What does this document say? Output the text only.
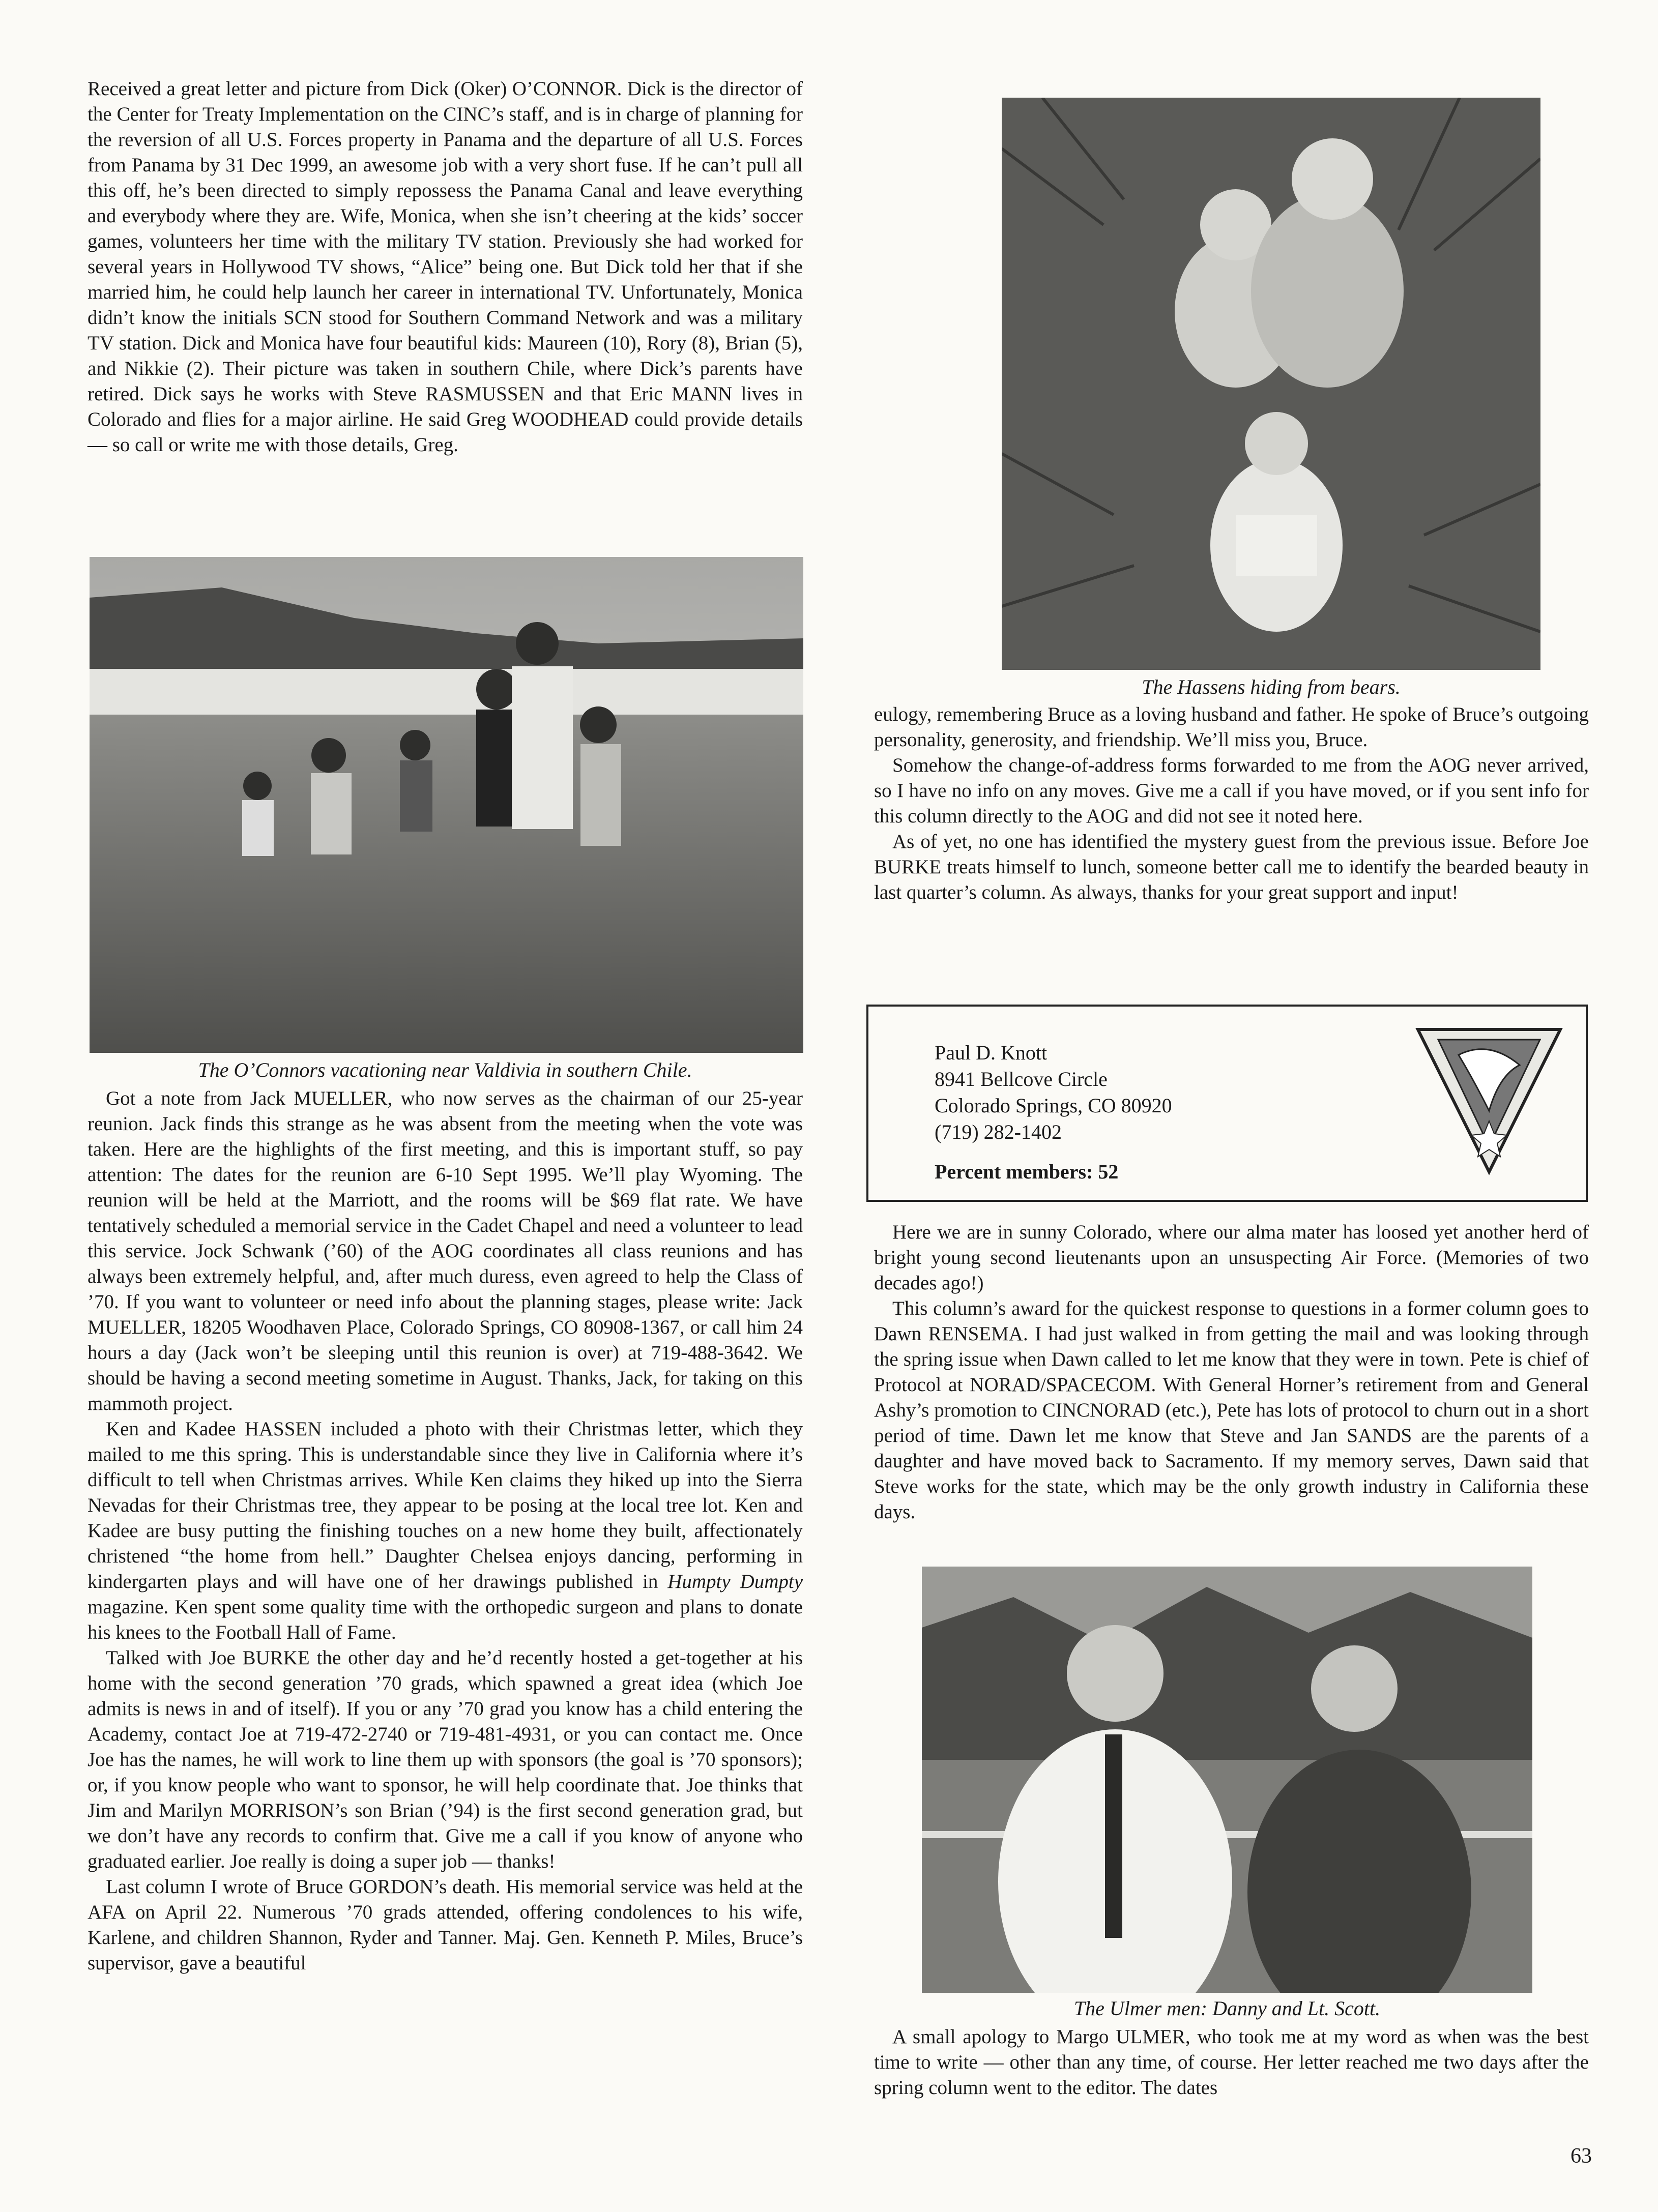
Received a great letter and picture from Dick (Oker) O’CONNOR. Dick is the director of the Center for Treaty Implementation on the CINC’s staff, and is in charge of planning for the reversion of all U.S. Forces property in Panama and the departure of all U.S. Forces from Panama by 31 Dec 1999, an awesome job with a very short fuse. If he can’t pull all this off, he’s been directed to simply repossess the Panama Canal and leave everything and everybody where they are. Wife, Monica, when she isn’t cheering at the kids’ soccer games, volunteers her time with the military TV station. Previously she had worked for several years in Hollywood TV shows, “Alice” being one. But Dick told her that if she married him, he could help launch her career in international TV. Unfortunately, Monica didn’t know the initials SCN stood for Southern Command Network and was a military TV station. Dick and Monica have four beautiful kids: Maureen (10), Rory (8), Brian (5), and Nikkie (2). Their picture was taken in southern Chile, where Dick’s parents have retired. Dick says he works with Steve RASMUSSEN and that Eric MANN lives in Colorado and flies for a major airline. He said Greg WOODHEAD could provide details — so call or write me with those details, Greg.

The O’Connors vacationing near Valdivia in southern Chile.

Got a note from Jack MUELLER, who now serves as the chairman of our 25-year reunion. Jack finds this strange as he was absent from the meeting when the vote was taken. Here are the highlights of the first meeting, and this is important stuff, so pay attention: The dates for the reunion are 6-10 Sept 1995. We’ll play Wyoming. The reunion will be held at the Marriott, and the rooms will be $69 flat rate. We have tentatively scheduled a memorial service in the Cadet Chapel and need a volunteer to lead this service. Jock Schwank (’60) of the AOG coordinates all class reunions and has always been extremely helpful, and, after much duress, even agreed to help the Class of ’70. If you want to volunteer or need info about the planning stages, please write: Jack MUELLER, 18205 Woodhaven Place, Colorado Springs, CO 80908-1367, or call him 24 hours a day (Jack won’t be sleeping until this reunion is over) at 719-488-3642. We should be having a second meeting sometime in August. Thanks, Jack, for taking on this mammoth project.

Ken and Kadee HASSEN included a photo with their Christmas letter, which they mailed to me this spring. This is understandable since they live in California where it’s difficult to tell when Christmas arrives. While Ken claims they hiked up into the Sierra Nevadas for their Christmas tree, they appear to be posing at the local tree lot. Ken and Kadee are busy putting the finishing touches on a new home they built, affectionately christened “the home from hell.” Daughter Chelsea enjoys dancing, performing in kindergarten plays and will have one of her drawings published in Humpty Dumpty magazine. Ken spent some quality time with the orthopedic surgeon and plans to donate his knees to the Football Hall of Fame.

Talked with Joe BURKE the other day and he’d recently hosted a get-together at his home with the second generation ’70 grads, which spawned a great idea (which Joe admits is news in and of itself). If you or any ’70 grad you know has a child entering the Academy, contact Joe at 719-472-2740 or 719-481-4931, or you can contact me. Once Joe has the names, he will work to line them up with sponsors (the goal is ’70 sponsors); or, if you know people who want to sponsor, he will help coordinate that. Joe thinks that Jim and Marilyn MORRISON’s son Brian (’94) is the first second generation grad, but we don’t have any records to confirm that. Give me a call if you know of anyone who graduated earlier. Joe really is doing a super job — thanks!

Last column I wrote of Bruce GORDON’s death. His memorial service was held at the AFA on April 22. Numerous ’70 grads attended, offering condolences to his wife, Karlene, and children Shannon, Ryder and Tanner. Maj. Gen. Kenneth P. Miles, Bruce’s supervisor, gave a beautiful

The Hassens hiding from bears.

eulogy, remembering Bruce as a loving husband and father. He spoke of Bruce’s outgoing personality, generosity, and friendship. We’ll miss you, Bruce.

Somehow the change-of-address forms forwarded to me from the AOG never arrived, so I have no info on any moves. Give me a call if you have moved, or if you sent info for this column directly to the AOG and did not see it noted here.

As of yet, no one has identified the mystery guest from the previous issue. Before Joe BURKE treats himself to lunch, someone better call me to identify the bearded beauty in last quarter’s column. As always, thanks for your great support and input!

Paul D. Knott
8941 Bellcove Circle
Colorado Springs, CO 80920
(719) 282-1402
Percent members: 52

Here we are in sunny Colorado, where our alma mater has loosed yet another herd of bright young second lieutenants upon an unsuspecting Air Force. (Memories of two decades ago!)

This column’s award for the quickest response to questions in a former column goes to Dawn RENSEMA. I had just walked in from getting the mail and was looking through the spring issue when Dawn called to let me know that they were in town. Pete is chief of Protocol at NORAD/SPACECOM. With General Horner’s retirement from and General Ashy’s promotion to CINCNORAD (etc.), Pete has lots of protocol to churn out in a short period of time. Dawn let me know that Steve and Jan SANDS are the parents of a daughter and have moved back to Sacramento. If my memory serves, Dawn said that Steve works for the state, which may be the only growth industry in California these days.

The Ulmer men: Danny and Lt. Scott.

A small apology to Margo ULMER, who took me at my word as when was the best time to write — other than any time, of course. Her letter reached me two days after the spring column went to the editor. The dates

63
